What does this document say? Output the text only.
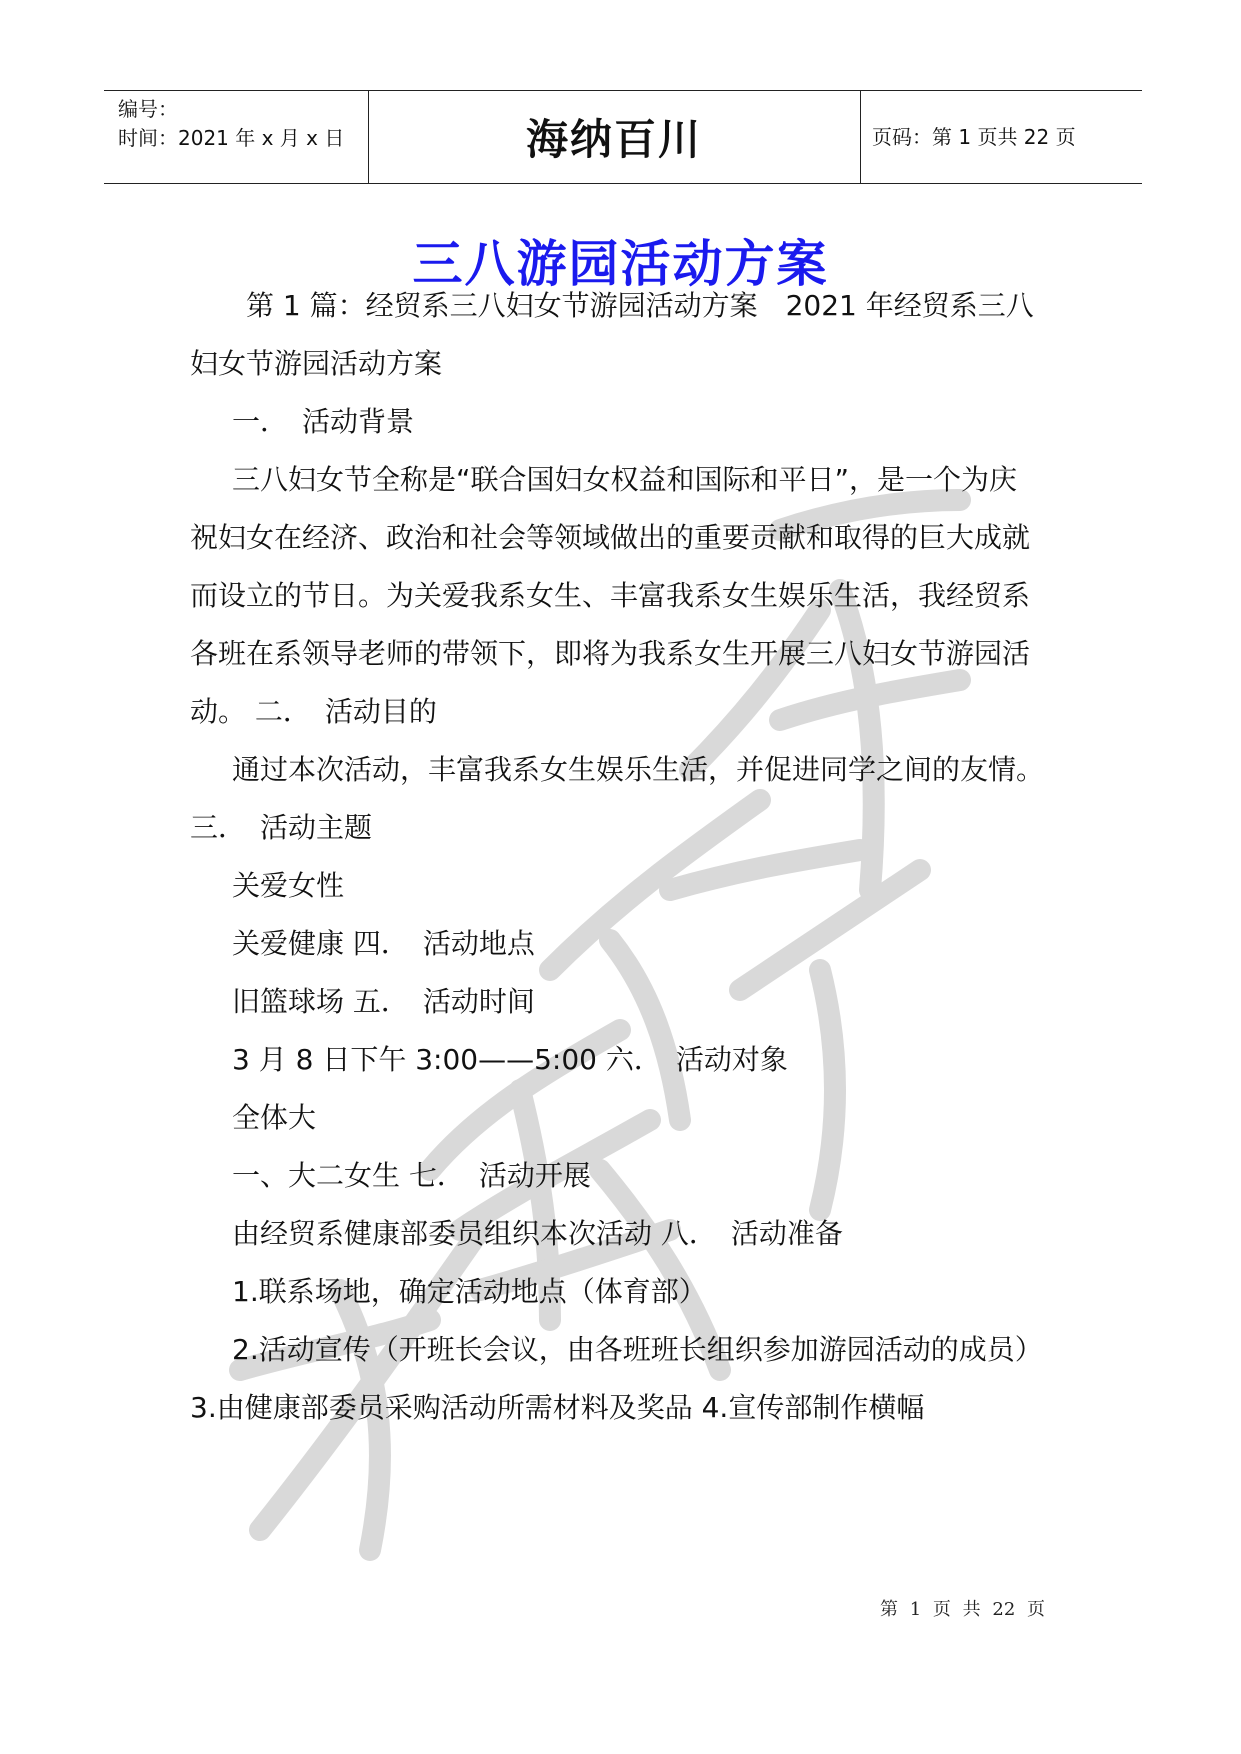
编号：
时间：2021 年 x 月 x 日	海纳百川	页码：第 1 页共 22 页
三八游园活动方案
第 1 篇：经贸系三八妇女节游园活动方案　2021 年经贸系三八
妇女节游园活动方案
一．　活动背景
三八妇女节全称是“联合国妇女权益和国际和平日”，是一个为庆
祝妇女在经济、政治和社会等领域做出的重要贡献和取得的巨大成就
而设立的节日。为关爱我系女生、丰富我系女生娱乐生活，我经贸系
各班在系领导老师的带领下，即将为我系女生开展三八妇女节游园活
动。 二．　活动目的
通过本次活动，丰富我系女生娱乐生活，并促进同学之间的友情。
三．　活动主题
关爱女性
关爱健康 四．　活动地点
旧篮球场 五．　活动时间
3 月 8 日下午 3:00——5:00 六．　活动对象
全体大
一、大二女生 七．　活动开展
由经贸系健康部委员组织本次活动 八．　活动准备
1.联系场地，确定活动地点（体育部）
2.活动宣传（开班长会议，由各班班长组织参加游园活动的成员）
3.由健康部委员采购活动所需材料及奖品 4.宣传部制作横幅
第 1 页 共 22 页
